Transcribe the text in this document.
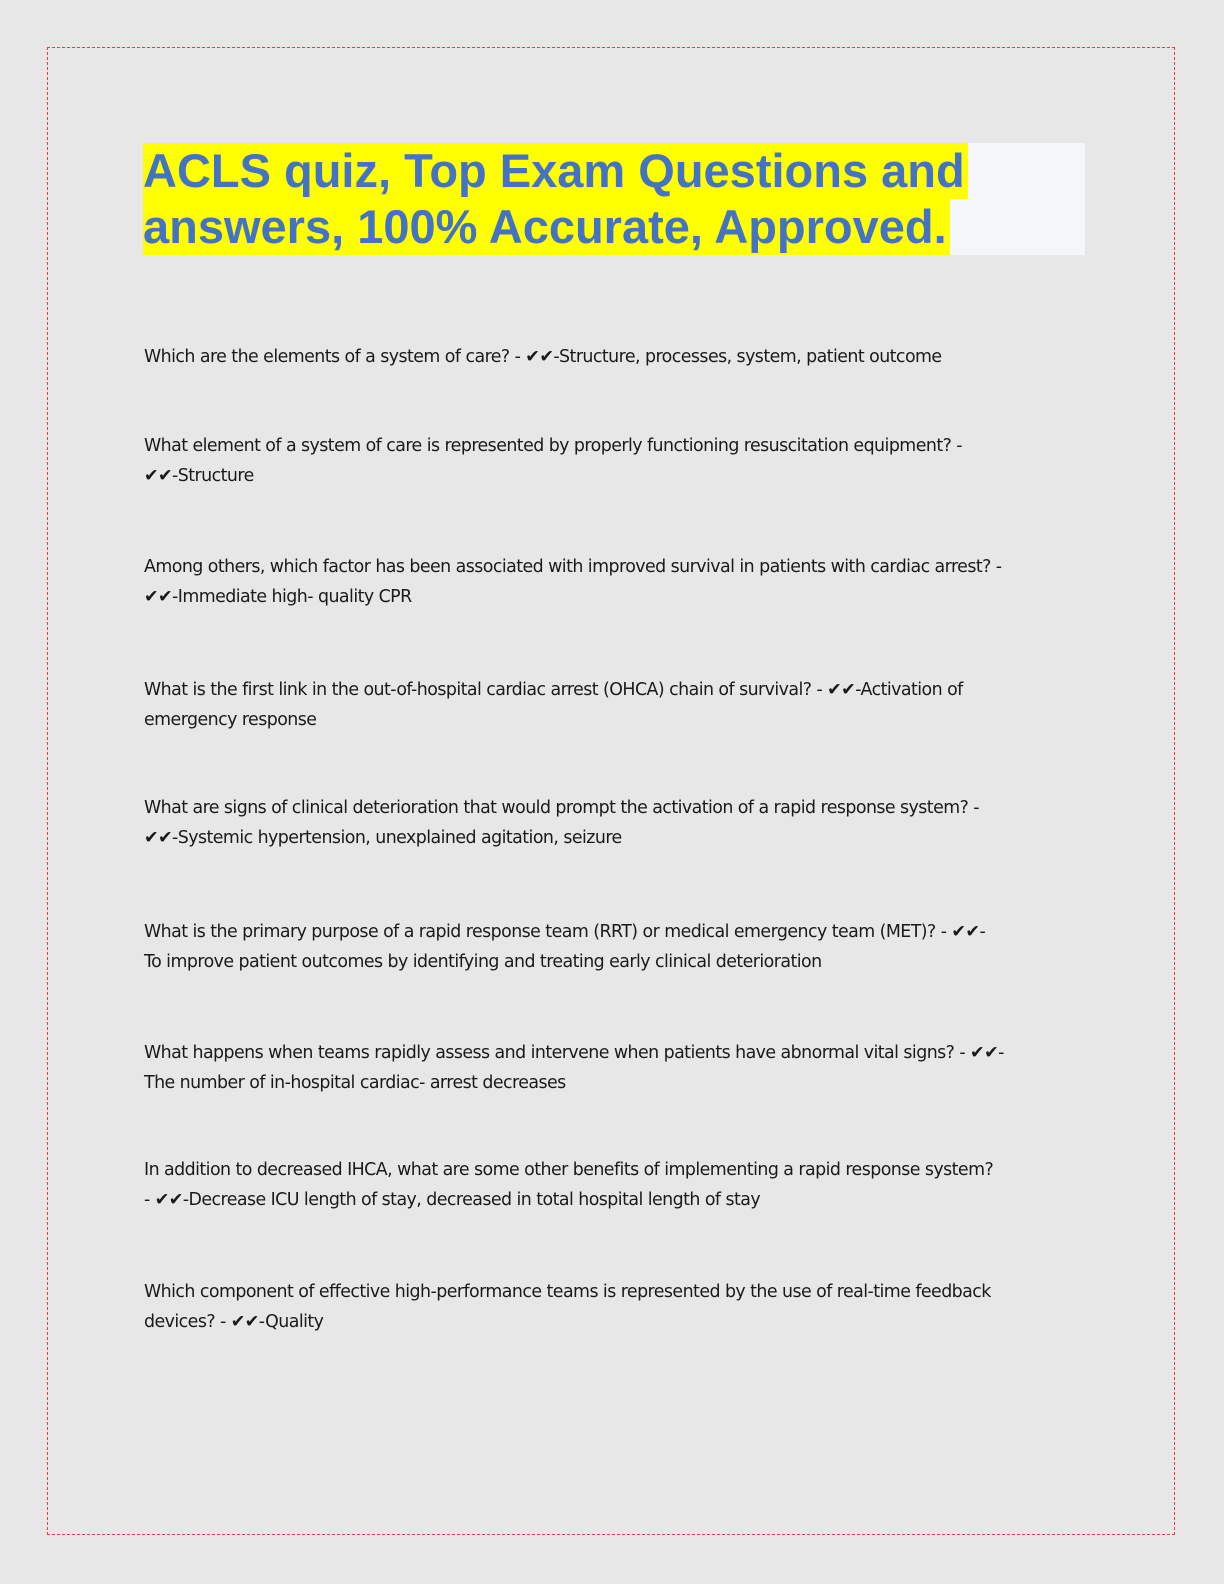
ACLS quiz, Top Exam Questions and
answers, 100% Accurate, Approved.

Which are the elements of a system of care? - ✔✔-Structure, processes, system, patient outcome

What element of a system of care is represented by properly functioning resuscitation equipment? -
✔✔-Structure

Among others, which factor has been associated with improved survival in patients with cardiac arrest? -
✔✔-Immediate high- quality CPR

What is the first link in the out-of-hospital cardiac arrest (OHCA) chain of survival? - ✔✔-Activation of
emergency response

What are signs of clinical deterioration that would prompt the activation of a rapid response system? -
✔✔-Systemic hypertension, unexplained agitation, seizure

What is the primary purpose of a rapid response team (RRT) or medical emergency team (MET)? - ✔✔-
To improve patient outcomes by identifying and treating early clinical deterioration

What happens when teams rapidly assess and intervene when patients have abnormal vital signs? - ✔✔-
The number of in-hospital cardiac- arrest decreases

In addition to decreased IHCA, what are some other benefits of implementing a rapid response system?
- ✔✔-Decrease ICU length of stay, decreased in total hospital length of stay

Which component of effective high-performance teams is represented by the use of real-time feedback
devices? - ✔✔-Quality
